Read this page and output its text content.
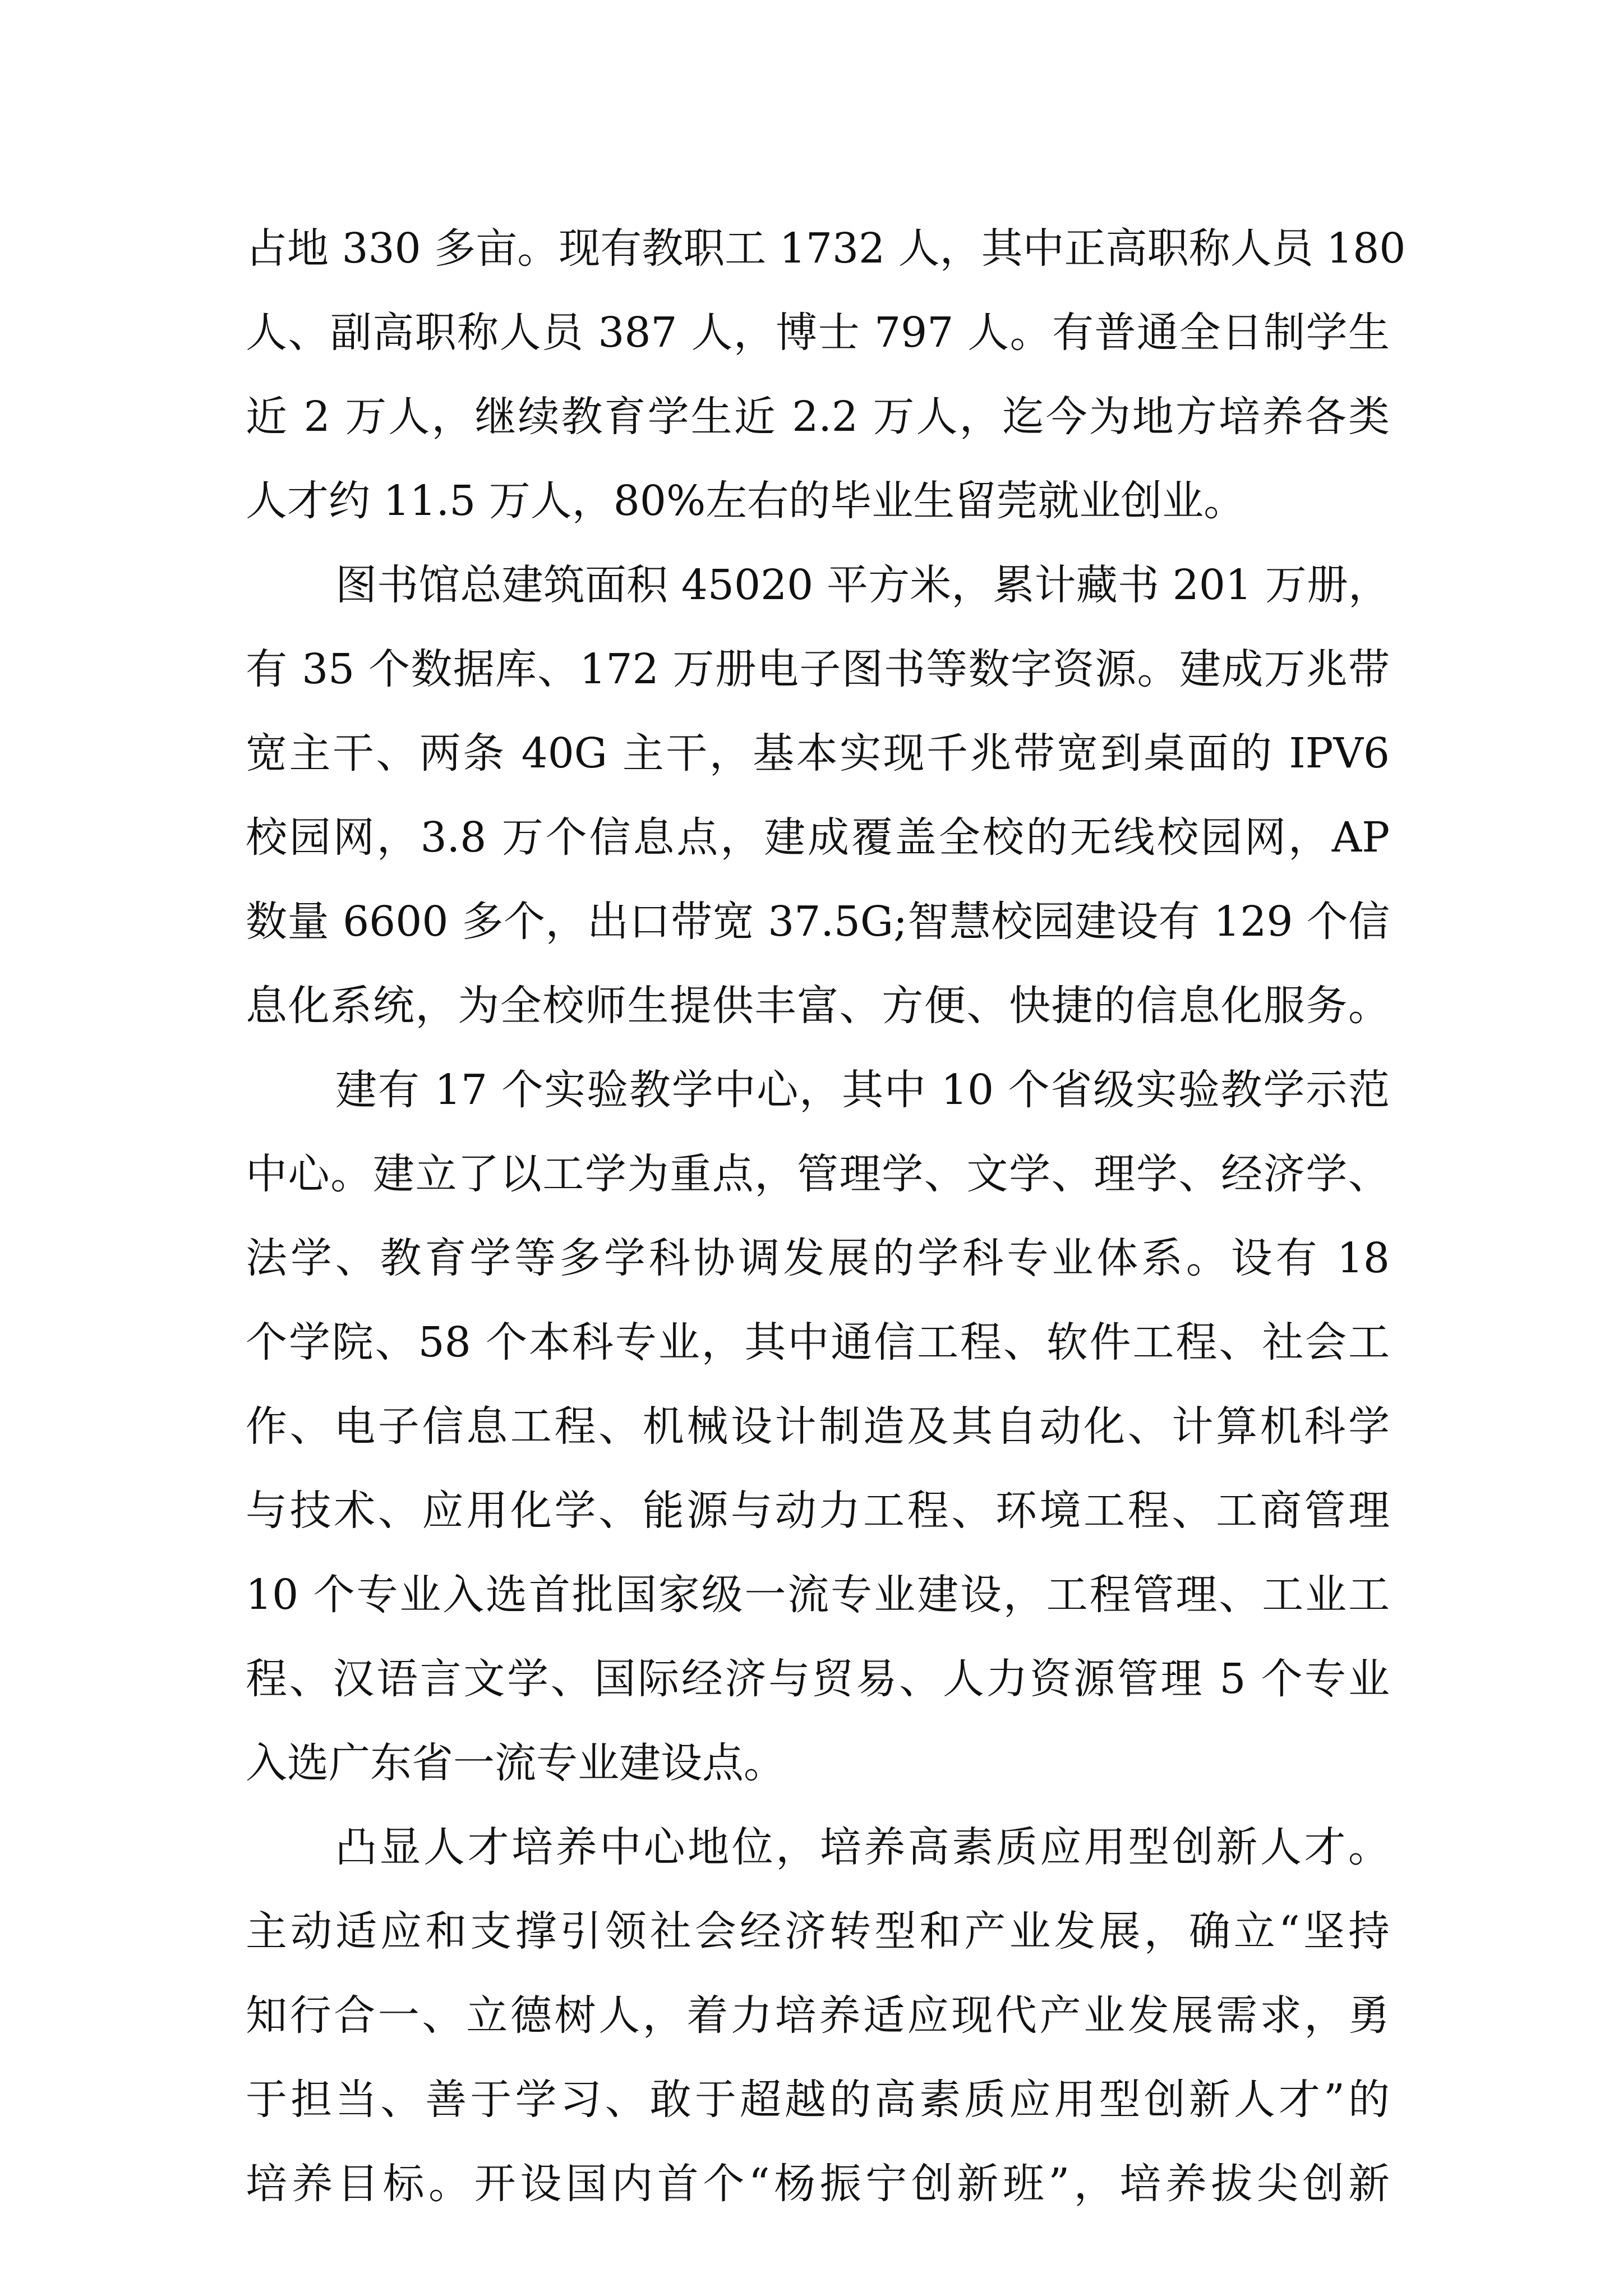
占地 330 多亩。现有教职工 1732 人，其中正高职称人员 180
人、副高职称人员 387 人，博士 797 人。有普通全日制学生
近 2 万人，继续教育学生近 2.2 万人，迄今为地方培养各类
人才约 11.5 万人，80%左右的毕业生留莞就业创业。
图书馆总建筑面积 45020 平方米，累计藏书 201 万册，
有 35 个数据库、172 万册电子图书等数字资源。建成万兆带
宽主干、两条 40G 主干，基本实现千兆带宽到桌面的 IPV6
校园网，3.8 万个信息点，建成覆盖全校的无线校园网，AP
数量 6600 多个，出口带宽 37.5G;智慧校园建设有 129 个信
息化系统，为全校师生提供丰富、方便、快捷的信息化服务。
建有 17 个实验教学中心，其中 10 个省级实验教学示范
中心。建立了以工学为重点，管理学、文学、理学、经济学、
法学、教育学等多学科协调发展的学科专业体系。设有 18
个学院、58 个本科专业，其中通信工程、软件工程、社会工
作、电子信息工程、机械设计制造及其自动化、计算机科学
与技术、应用化学、能源与动力工程、环境工程、工商管理
10 个专业入选首批国家级一流专业建设，工程管理、工业工
程、汉语言文学、国际经济与贸易、人力资源管理 5 个专业
入选广东省一流专业建设点。
凸显人才培养中心地位，培养高素质应用型创新人才。
主动适应和支撑引领社会经济转型和产业发展，确立“坚持
知行合一、立德树人，着力培养适应现代产业发展需求，勇
于担当、善于学习、敢于超越的高素质应用型创新人才”的
培养目标。开设国内首个“杨振宁创新班”，培养拔尖创新
